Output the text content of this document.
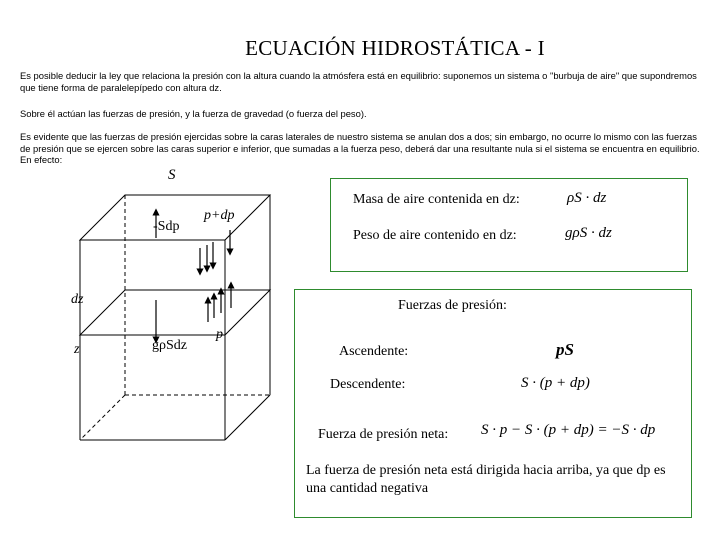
ECUACIÓN HIDROSTÁTICA - I
Es posible deducir la ley que relaciona la presión con la altura cuando la atmósfera está en equilibrio: suponemos un sistema o "burbuja de aire" que supondremos que tiene forma de paralelepípedo con altura dz.
Sobre él actúan las fuerzas de presión, y la fuerza de gravedad (o fuerza del peso).
Es evidente que las fuerzas de presión ejercidas sobre la caras laterales de nuestro sistema se anulan dos a dos; sin embargo, no ocurre lo mismo con las fuerzas de presión que se ejercen sobre las caras superior e inferior, que sumadas a la fuerza peso, deberá dar una resultante nula si el sistema se encuentra en equilibrio. En efecto:
S
-Sdp
p+dp
dz
z	gρSdz
p
Masa de aire contenida en dz:	ρS · dz
Peso de aire contenido en dz:	gρS · dz
Fuerzas de presión:
Ascendente:	pS
Descendente:	S · (p + dp)
Fuerza de presión neta: S · p − S · (p + dp) = −S · dp
La fuerza de presión neta está dirigida hacia arriba, ya que dp es una cantidad negativa
